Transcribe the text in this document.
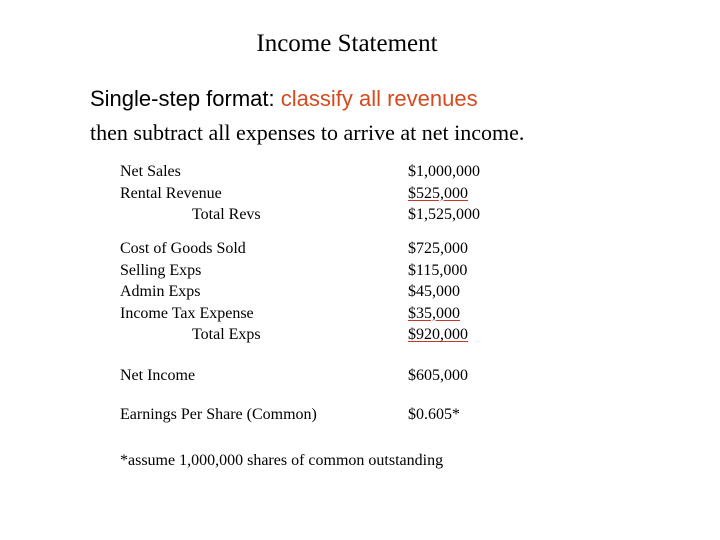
Income Statement
Single-step format: classify all revenues
then subtract all expenses to arrive at net income.
Net Sales	$1,000,000
Rental Revenue	$525,000
Total Revs	$1,525,000
Cost of Goods Sold	$725,000
Selling Exps	$115,000
Admin Exps	$45,000
Income Tax Expense	$35,000
Total Exps	$920,000
Net Income	$605,000
Earnings Per Share (Common)	$0.605*
*assume 1,000,000 shares of common outstanding
